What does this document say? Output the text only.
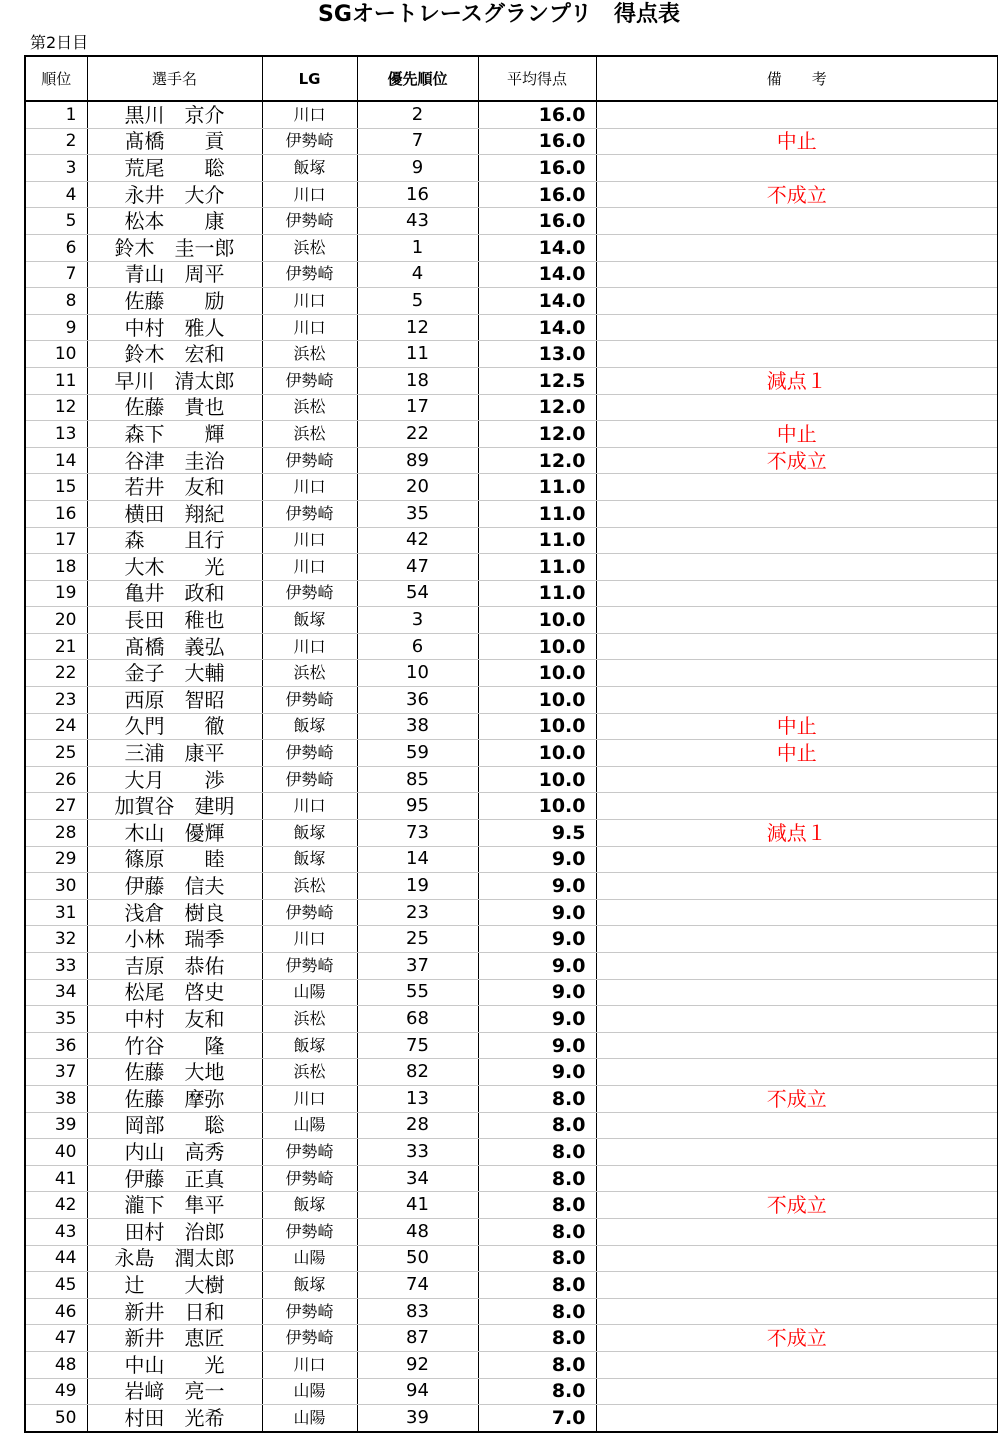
SGオートレースグランプリ　得点表
第2日目
順位	選手名	LG	優先順位	平均得点	備　　考
1	黒川　京介	川口	2	16.0	
2	髙橋　　貢	伊勢崎	7	16.0	中止
3	荒尾　　聡	飯塚	9	16.0	
4	永井　大介	川口	16	16.0	不成立
5	松本　　康	伊勢崎	43	16.0	
6	鈴木　圭一郎	浜松	1	14.0	
7	青山　周平	伊勢崎	4	14.0	
8	佐藤　　励	川口	5	14.0	
9	中村　雅人	川口	12	14.0	
10	鈴木　宏和	浜松	11	13.0	
11	早川　清太郎	伊勢崎	18	12.5	減点１
12	佐藤　貴也	浜松	17	12.0	
13	森下　　輝	浜松	22	12.0	中止
14	谷津　圭治	伊勢崎	89	12.0	不成立
15	若井　友和	川口	20	11.0	
16	横田　翔紀	伊勢崎	35	11.0	
17	森　　且行	川口	42	11.0	
18	大木　　光	川口	47	11.0	
19	亀井　政和	伊勢崎	54	11.0	
20	長田　稚也	飯塚	3	10.0	
21	髙橋　義弘	川口	6	10.0	
22	金子　大輔	浜松	10	10.0	
23	西原　智昭	伊勢崎	36	10.0	
24	久門　　徹	飯塚	38	10.0	中止
25	三浦　康平	伊勢崎	59	10.0	中止
26	大月　　渉	伊勢崎	85	10.0	
27	加賀谷　建明	川口	95	10.0	
28	木山　優輝	飯塚	73	9.5	減点１
29	篠原　　睦	飯塚	14	9.0	
30	伊藤　信夫	浜松	19	9.0	
31	浅倉　樹良	伊勢崎	23	9.0	
32	小林　瑞季	川口	25	9.0	
33	吉原　恭佑	伊勢崎	37	9.0	
34	松尾　啓史	山陽	55	9.0	
35	中村　友和	浜松	68	9.0	
36	竹谷　　隆	飯塚	75	9.0	
37	佐藤　大地	浜松	82	9.0	
38	佐藤　摩弥	川口	13	8.0	不成立
39	岡部　　聡	山陽	28	8.0	
40	内山　高秀	伊勢崎	33	8.0	
41	伊藤　正真	伊勢崎	34	8.0	
42	瀧下　隼平	飯塚	41	8.0	不成立
43	田村　治郎	伊勢崎	48	8.0	
44	永島　潤太郎	山陽	50	8.0	
45	辻　　大樹	飯塚	74	8.0	
46	新井　日和	伊勢崎	83	8.0	
47	新井　恵匠	伊勢崎	87	8.0	不成立
48	中山　　光	川口	92	8.0	
49	岩﨑　亮一	山陽	94	8.0	
50	村田　光希	山陽	39	7.0	
